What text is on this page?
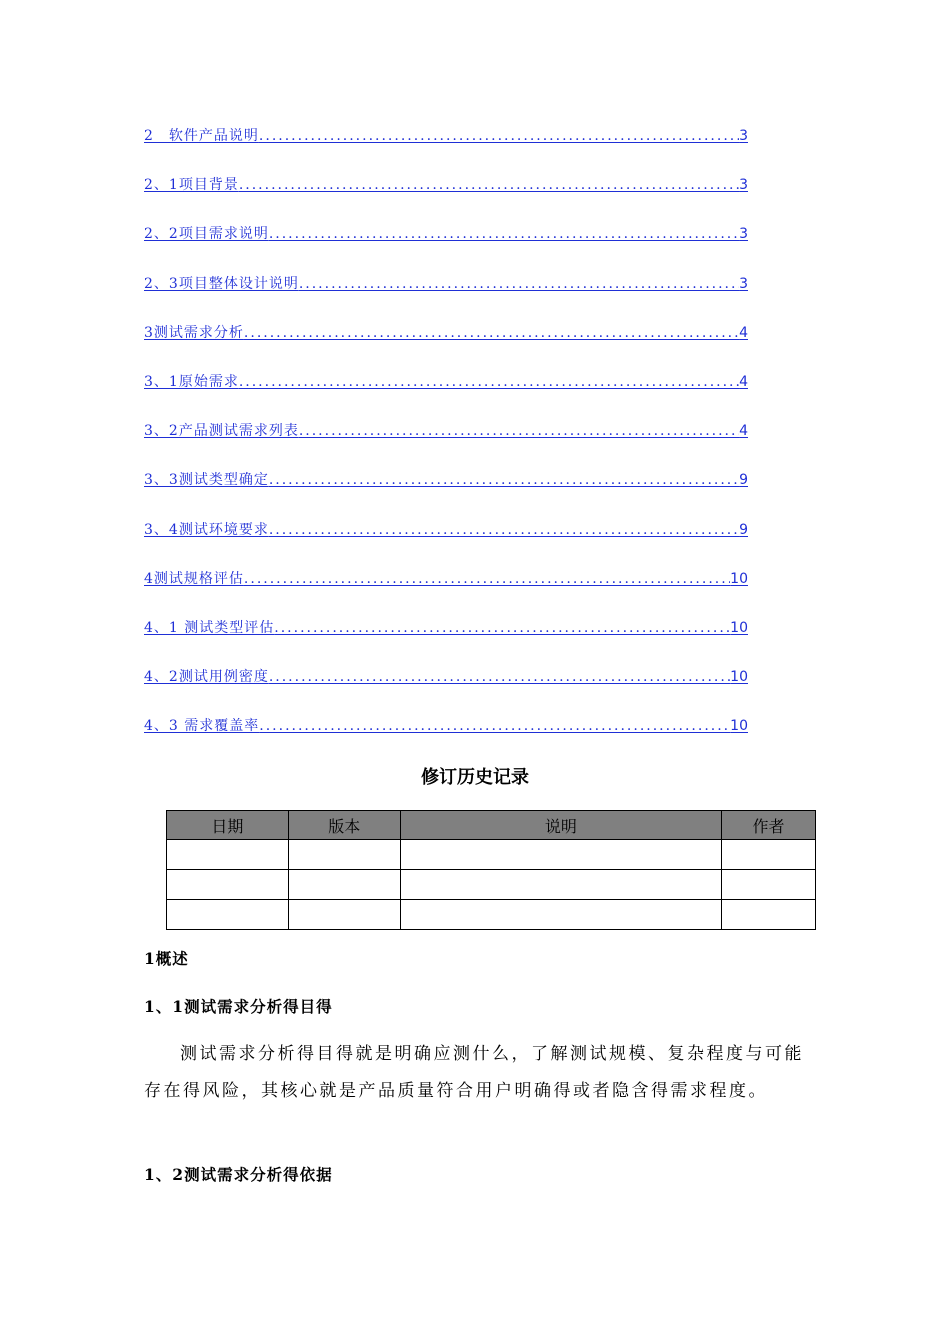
2　软件产品说明 .....	3
2、1项目背景 .....	3
2、2项目需求说明 .....	3
2、3项目整体设计说明 .....	3
3测试需求分析 .....	4
3、1原始需求 .....	4
3、2产品测试需求列表 .....	4
3、3测试类型确定 .....	9
3、4测试环境要求 .....	9
4测试规格评估 .....	10
4、1 测试类型评估 .....	10
4、2测试用例密度 .....	10
4、3 需求覆盖率 .....	10
修订历史记录
日期	版本	说明	作者

1概述
1、1测试需求分析得目得
测试需求分析得目得就是明确应测什么，了解测试规模、复杂程度与可能存在得风险，其核心就是产品质量符合用户明确得或者隐含得需求程度。
1、2测试需求分析得依据
